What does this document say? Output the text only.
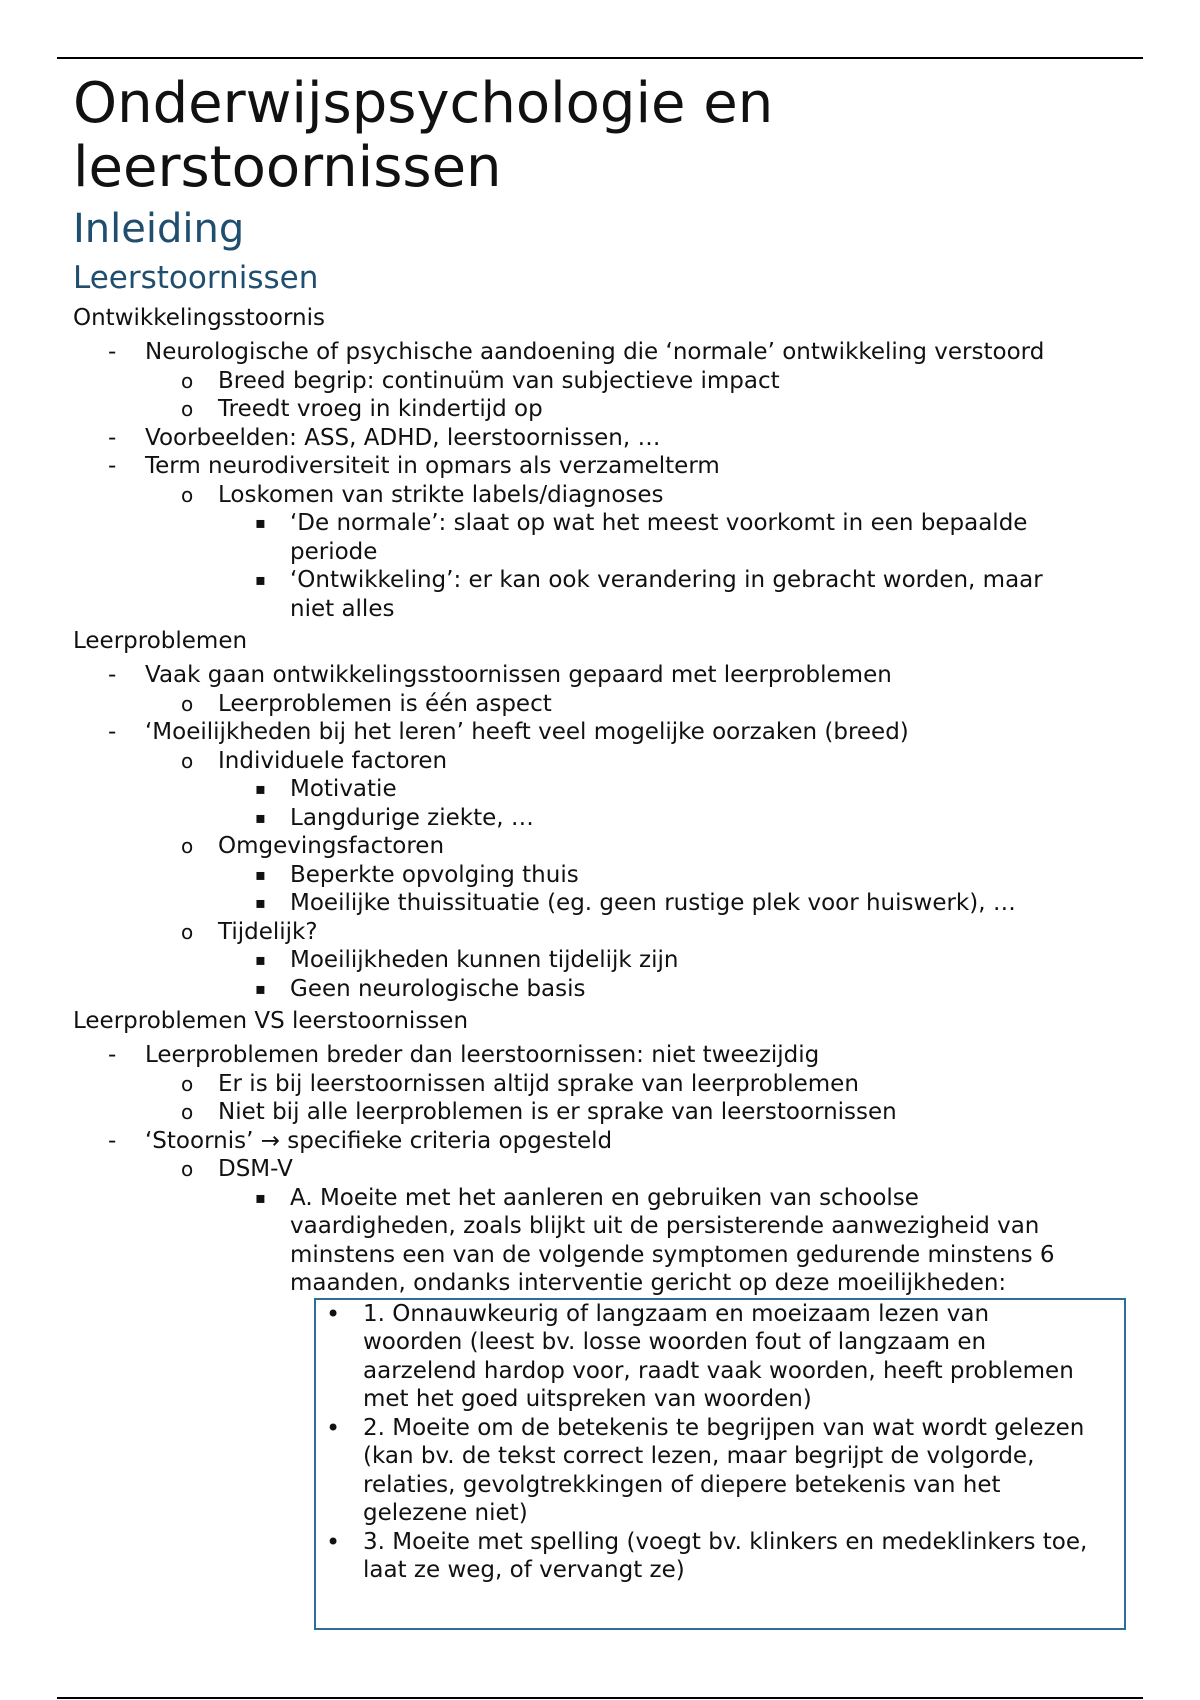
Onderwijspsychologie en leerstoornissen
Inleiding
Leerstoornissen
Ontwikkelingsstoornis
- Neurologische of psychische aandoening die ‘normale’ ontwikkeling verstoord
o Breed begrip: continuüm van subjectieve impact
o Treedt vroeg in kindertijd op
- Voorbeelden: ASS, ADHD, leerstoornissen, …
- Term neurodiversiteit in opmars als verzamelterm
o Loskomen van strikte labels/diagnoses
▪ ‘De normale’: slaat op wat het meest voorkomt in een bepaalde
periode
▪ ‘Ontwikkeling’: er kan ook verandering in gebracht worden, maar
niet alles
Leerproblemen
- Vaak gaan ontwikkelingsstoornissen gepaard met leerproblemen
o Leerproblemen is één aspect
- ‘Moeilijkheden bij het leren’ heeft veel mogelijke oorzaken (breed)
o Individuele factoren
▪ Motivatie
▪ Langdurige ziekte, …
o Omgevingsfactoren
▪ Beperkte opvolging thuis
▪ Moeilijke thuissituatie (eg. geen rustige plek voor huiswerk), …
o Tijdelijk?
▪ Moeilijkheden kunnen tijdelijk zijn
▪ Geen neurologische basis
Leerproblemen VS leerstoornissen
- Leerproblemen breder dan leerstoornissen: niet tweezijdig
o Er is bij leerstoornissen altijd sprake van leerproblemen
o Niet bij alle leerproblemen is er sprake van leerstoornissen
- ‘Stoornis’ → specifieke criteria opgesteld
o DSM-V
▪ A. Moeite met het aanleren en gebruiken van schoolse
vaardigheden, zoals blijkt uit de persisterende aanwezigheid van
minstens een van de volgende symptomen gedurende minstens 6
maanden, ondanks interventie gericht op deze moeilijkheden:
• 1. Onnauwkeurig of langzaam en moeizaam lezen van
woorden (leest bv. losse woorden fout of langzaam en
aarzelend hardop voor, raadt vaak woorden, heeft problemen
met het goed uitspreken van woorden)
• 2. Moeite om de betekenis te begrijpen van wat wordt gelezen
(kan bv. de tekst correct lezen, maar begrijpt de volgorde,
relaties, gevolgtrekkingen of diepere betekenis van het
gelezene niet)
• 3. Moeite met spelling (voegt bv. klinkers en medeklinkers toe,
laat ze weg, of vervangt ze)
